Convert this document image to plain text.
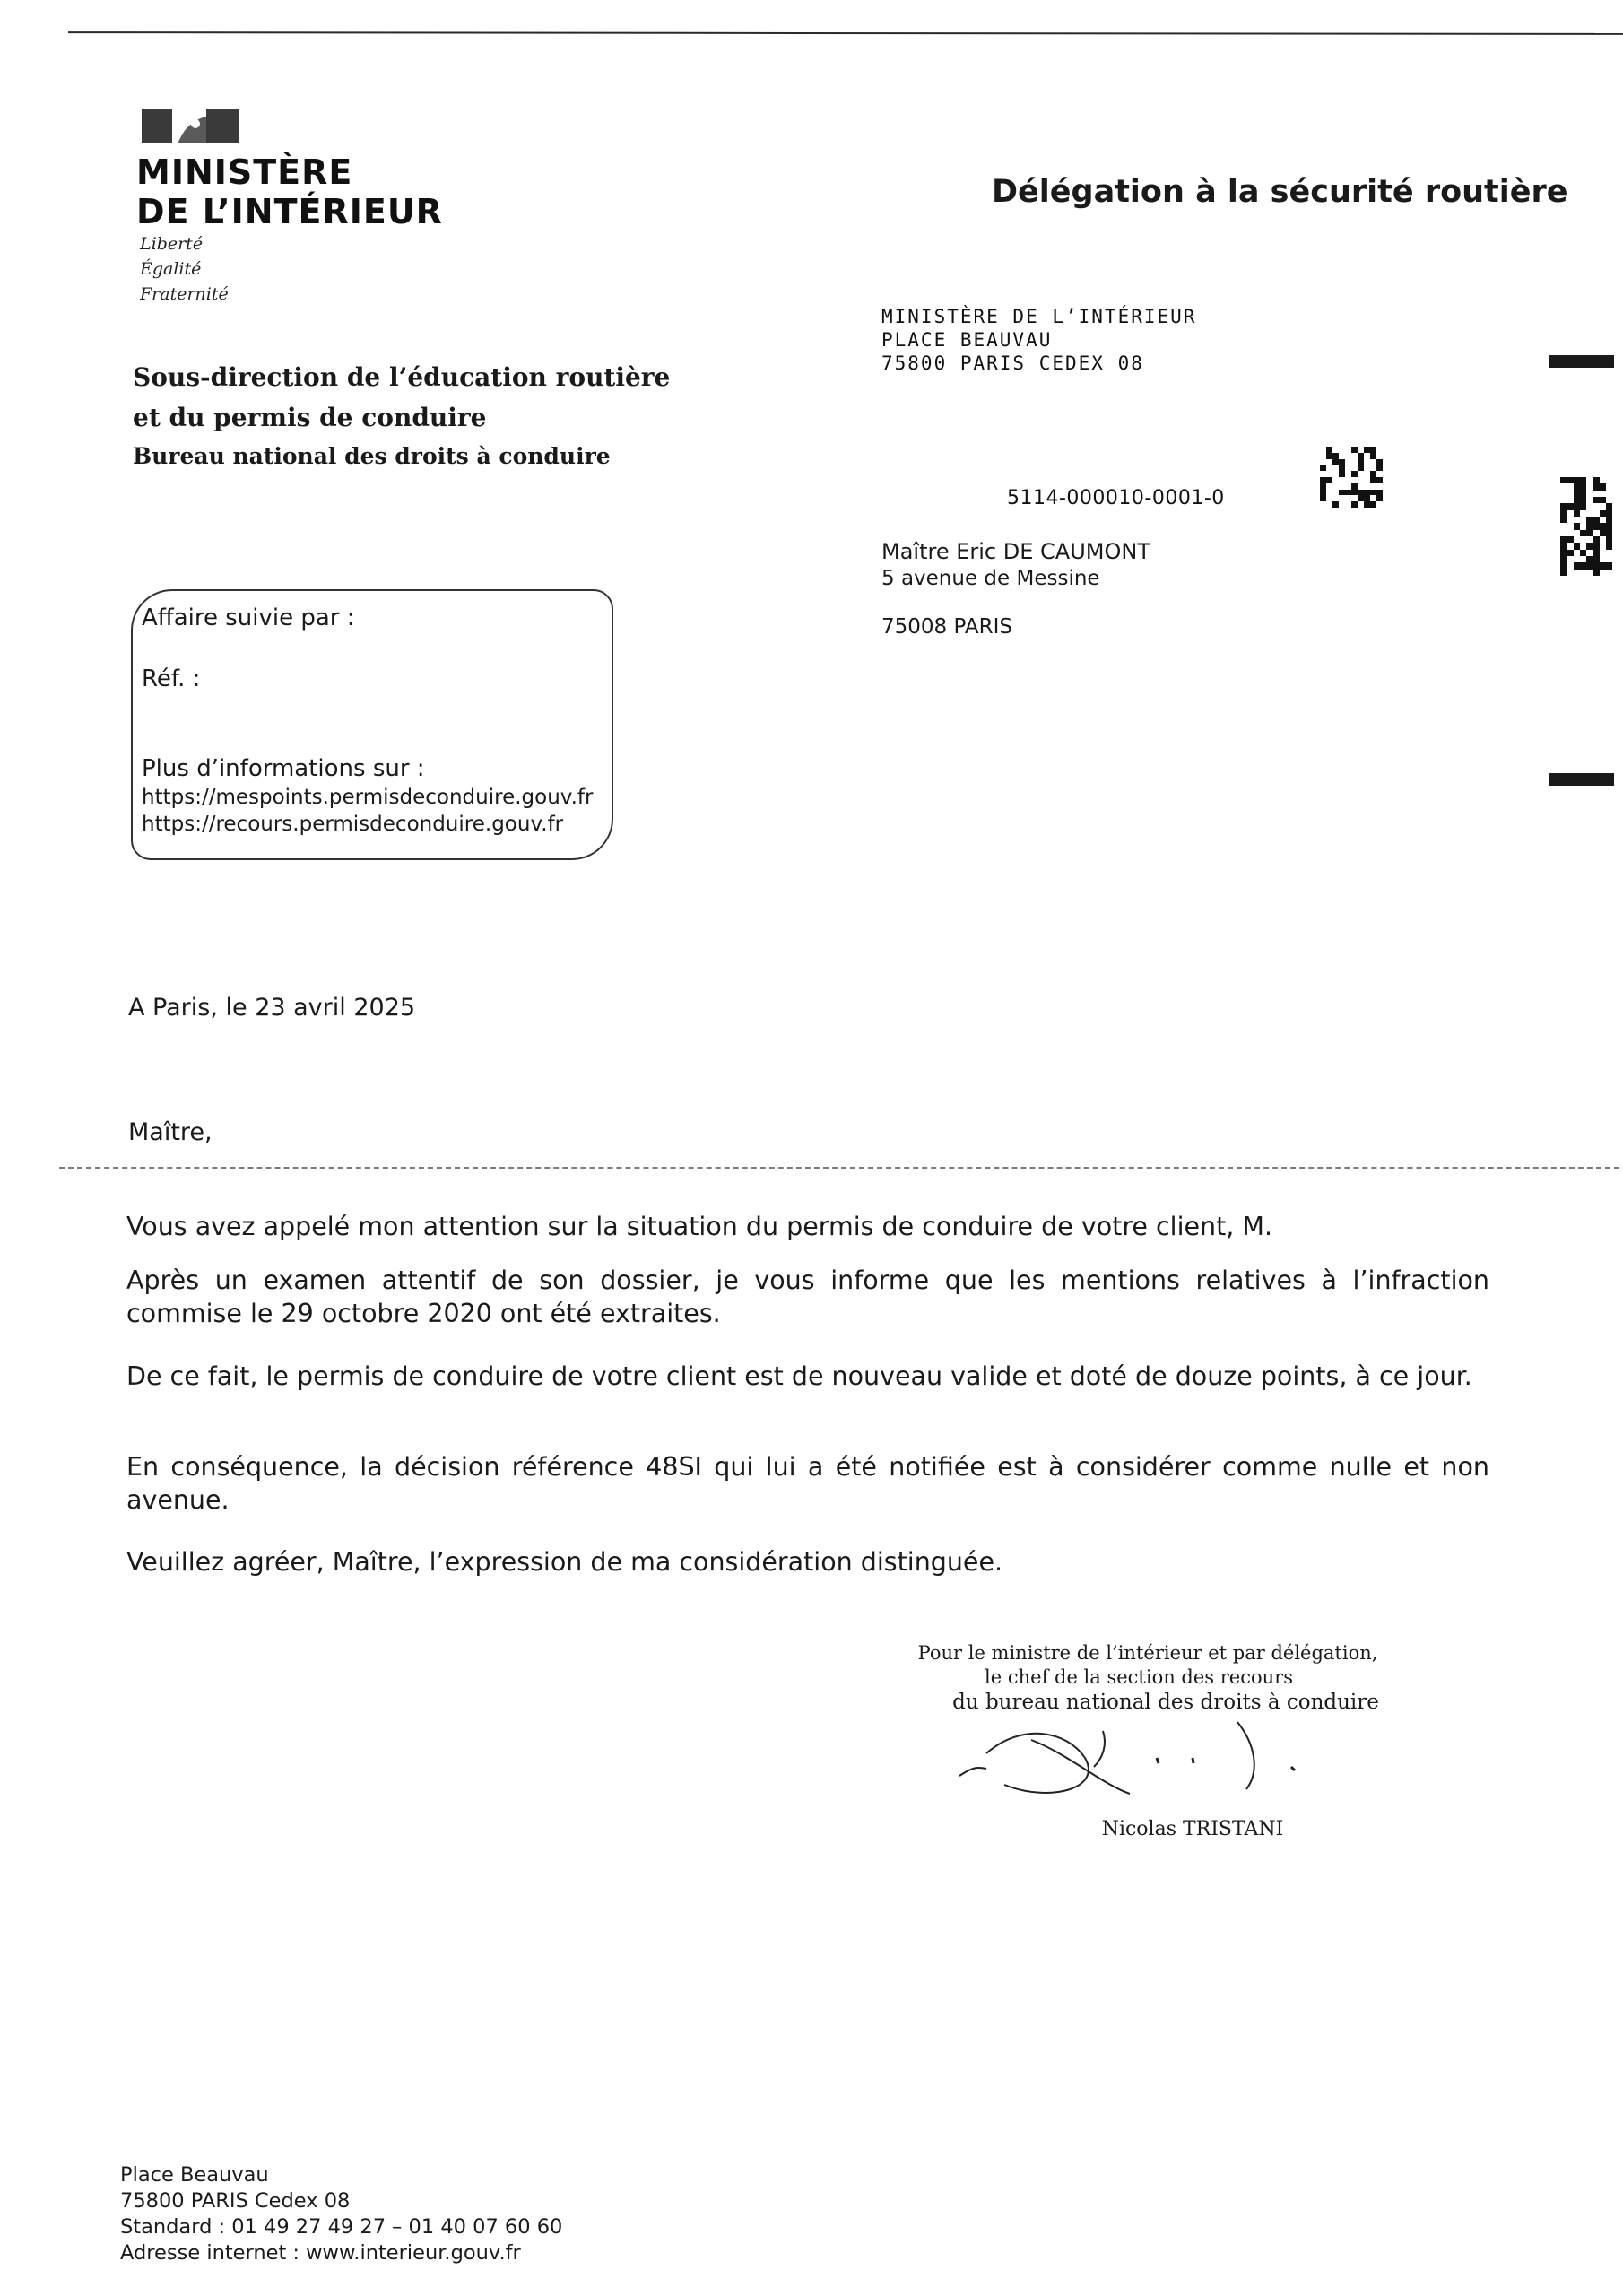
MINISTÈRE
DE L’INTÉRIEUR
Liberté
Égalité
Fraternité
Sous-direction de l’éducation routière
et du permis de conduire
Bureau national des droits à conduire
Délégation à la sécurité routière
MINISTÈRE DE L’INTÉRIEUR
PLACE BEAUVAU
75800 PARIS CEDEX 08
5114-000010-0001-0
Maître Eric DE CAUMONT
5 avenue de Messine
75008 PARIS
Affaire suivie par :
Réf. :
Plus d’informations sur :
https://mespoints.permisdeconduire.gouv.fr
https://recours.permisdeconduire.gouv.fr
A Paris, le 23 avril 2025
Maître,
Vous avez appelé mon attention sur la situation du permis de conduire de votre client, M.
Après un examen attentif de son dossier, je vous informe que les mentions relatives à l’infraction commise le 29 octobre 2020 ont été extraites.
De ce fait, le permis de conduire de votre client est de nouveau valide et doté de douze points, à ce jour.
En conséquence, la décision référence 48SI qui lui a été notifiée est à considérer comme nulle et non avenue.
Veuillez agréer, Maître, l’expression de ma considération distinguée.
Pour le ministre de l’intérieur et par délégation,
le chef de la section des recours
du bureau national des droits à conduire
Nicolas TRISTANI
Place Beauvau
75800 PARIS Cedex 08
Standard : 01 49 27 49 27 – 01 40 07 60 60
Adresse internet : www.interieur.gouv.fr
